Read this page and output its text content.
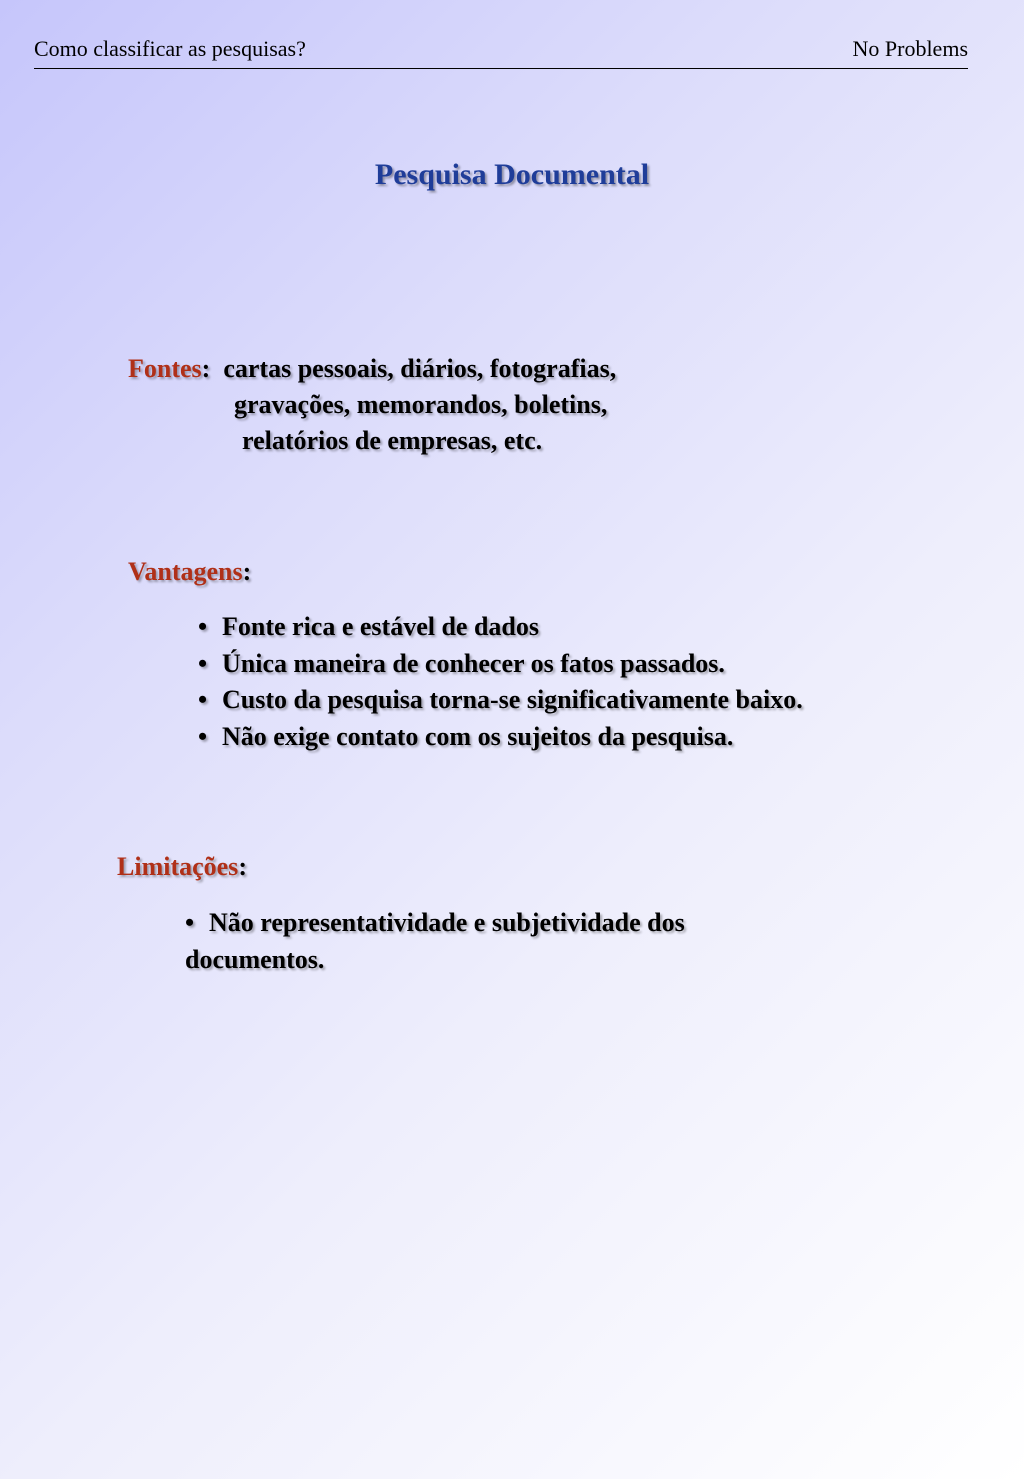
Como classificar as pesquisas?	No Problems
Pesquisa Documental
Fontes:  cartas pessoais, diários, fotografias,
gravações, memorandos, boletins,
relatórios de empresas, etc.
Vantagens:
• Fonte rica e estável de dados
• Única maneira de conhecer os fatos passados.
• Custo da pesquisa torna-se significativamente baixo.
• Não exige contato com os sujeitos da pesquisa.
Limitações:
• Não representatividade e subjetividade dos
documentos.
